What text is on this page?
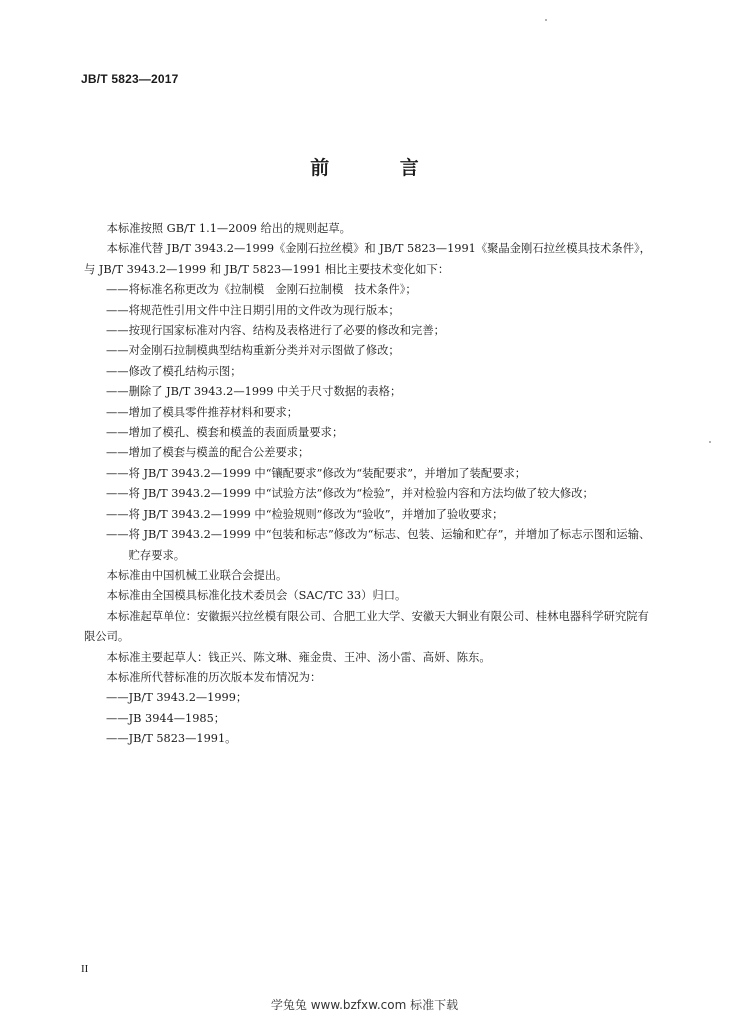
JB/T 5823—2017
前 言

本标准按照 GB/T 1.1—2009 给出的规则起草。

本标准代替 JB/T 3943.2—1999《金刚石拉丝模》和 JB/T 5823—1991《聚晶金刚石拉丝模具技术条件》，与 JB/T 3943.2—1999 和 JB/T 5823—1991 相比主要技术变化如下：

——将标准名称更改为《拉制模　金刚石拉制模　技术条件》；

——将规范性引用文件中注日期引用的文件改为现行版本；

——按现行国家标准对内容、结构及表格进行了必要的修改和完善；

——对金刚石拉制模典型结构重新分类并对示图做了修改；

——修改了模孔结构示图；

——删除了 JB/T 3943.2—1999 中关于尺寸数据的表格；

——增加了模具零件推荐材料和要求；

——增加了模孔、模套和模盖的表面质量要求；

——增加了模套与模盖的配合公差要求；

——将 JB/T 3943.2—1999 中“镶配要求”修改为“装配要求”，并增加了装配要求；

——将 JB/T 3943.2—1999 中“试验方法”修改为“检验”，并对检验内容和方法均做了较大修改；

——将 JB/T 3943.2—1999 中“检验规则”修改为“验收”，并增加了验收要求；

——将 JB/T 3943.2—1999 中“包装和标志”修改为“标志、包装、运输和贮存”，并增加了标志示图和运输、贮存要求。

本标准由中国机械工业联合会提出。

本标准由全国模具标准化技术委员会（SAC/TC 33）归口。

本标准起草单位：安徽振兴拉丝模有限公司、合肥工业大学、安徽天大铜业有限公司、桂林电器科学研究院有限公司。

本标准主要起草人：钱正兴、陈文琳、雍金贵、王冲、汤小雷、高妍、陈东。

本标准所代替标准的历次版本发布情况为：

——JB/T 3943.2—1999；

——JB 3944—1985；

——JB/T 5823—1991。

II
学兔兔 www.bzfxw.com 标准下载
